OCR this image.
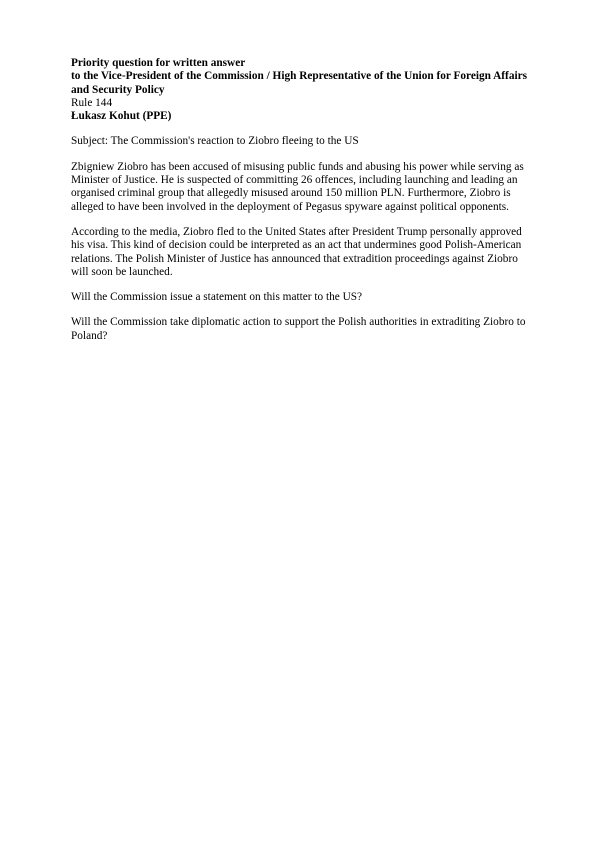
Priority question for written answer

to the Vice-President of the Commission / High Representative of the Union for Foreign Affairs and Security Policy

Rule 144

Łukasz Kohut (PPE)

Subject: The Commission's reaction to Ziobro fleeing to the US

Zbigniew Ziobro has been accused of misusing public funds and abusing his power while serving as Minister of Justice. He is suspected of committing 26 offences, including launching and leading an organised criminal group that allegedly misused around 150 million PLN. Furthermore, Ziobro is alleged to have been involved in the deployment of Pegasus spyware against political opponents.

According to the media, Ziobro fled to the United States after President Trump personally approved his visa. This kind of decision could be interpreted as an act that undermines good Polish-American relations. The Polish Minister of Justice has announced that extradition proceedings against Ziobro will soon be launched.

Will the Commission issue a statement on this matter to the US?

Will the Commission take diplomatic action to support the Polish authorities in extraditing Ziobro to Poland?
